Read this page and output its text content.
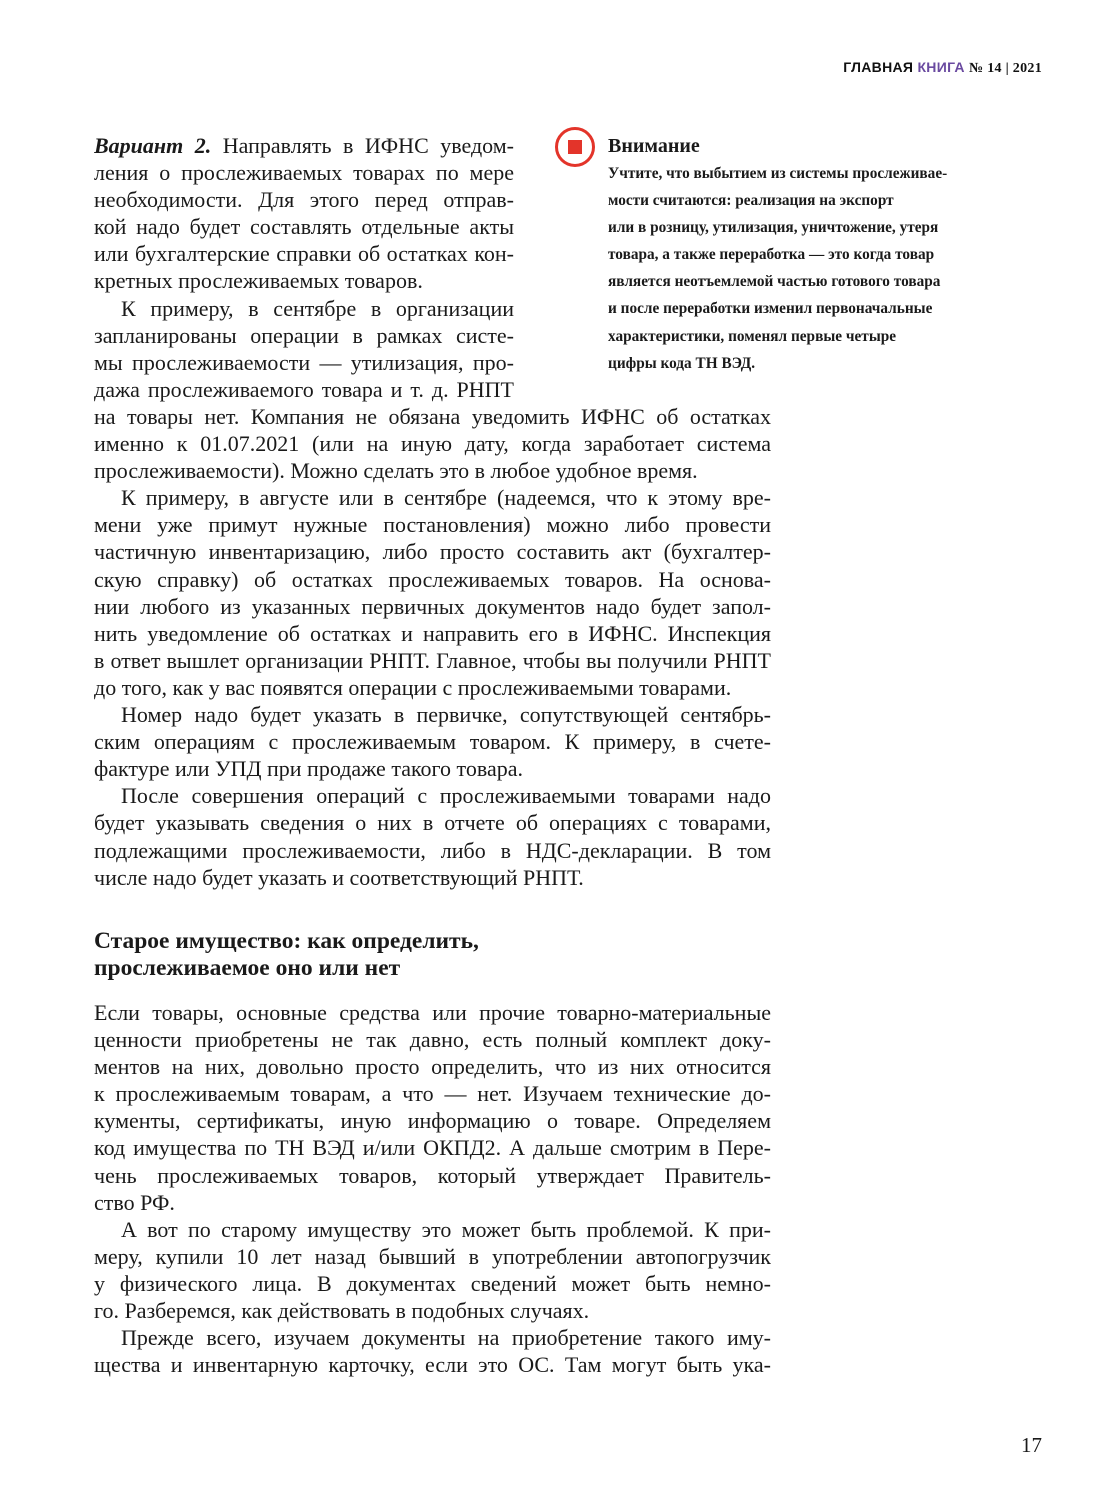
ГЛАВНАЯ КНИГА № 14 | 2021
Вариант 2. Направлять в ИФНС уведом-
ления о прослеживаемых товарах по мере
необходимости. Для этого перед отправ-
кой надо будет составлять отдельные акты
или бухгалтерские справки об остатках кон-
кретных прослеживаемых товаров.
К примеру, в сентябре в организации
запланированы операции в рамках систе-
мы прослеживаемости — утилизация, про-
дажа прослеживаемого товара и т. д. РНПТ
на товары нет. Компания не обязана уведомить ИФНС об остатках
именно к 01.07.2021 (или на иную дату, когда заработает система
прослеживаемости). Можно сделать это в любое удобное время.
К примеру, в августе или в сентябре (надеемся, что к этому вре-
мени уже примут нужные постановления) можно либо провести
частичную инвентаризацию, либо просто составить акт (бухгалтер-
скую справку) об остатках прослеживаемых товаров. На основа-
нии любого из указанных первичных документов надо будет запол-
нить уведомление об остатках и направить его в ИФНС. Инспекция
в ответ вышлет организации РНПТ. Главное, чтобы вы получили РНПТ
до того, как у вас появятся операции с прослеживаемыми товарами.
Номер надо будет указать в первичке, сопутствующей сентябрь-
ским операциям с прослеживаемым товаром. К примеру, в счете-
фактуре или УПД при продаже такого товара.
После совершения операций с прослеживаемыми товарами надо
будет указывать сведения о них в отчете об операциях с товарами,
подлежащими прослеживаемости, либо в НДС-декларации. В том
числе надо будет указать и соответствующий РНПТ.
Внимание
Учтите, что выбытием из системы прослеживае-
мости считаются: реализация на экспорт
или в розницу, утилизация, уничтожение, утеря
товара, а также переработка — это когда товар
является неотъемлемой частью готового товара
и после переработки изменил первоначальные
характеристики, поменял первые четыре
цифры кода ТН ВЭД.
Старое имущество: как определить,
прослеживаемое оно или нет
Если товары, основные средства или прочие товарно-материальные
ценности приобретены не так давно, есть полный комплект доку-
ментов на них, довольно просто определить, что из них относится
к прослеживаемым товарам, а что — нет. Изучаем технические до-
кументы, сертификаты, иную информацию о товаре. Определяем
код имущества по ТН ВЭД и/или ОКПД2. А дальше смотрим в Пере-
чень прослеживаемых товаров, который утверждает Правитель-
ство РФ.
А вот по старому имуществу это может быть проблемой. К при-
меру, купили 10 лет назад бывший в употреблении автопогрузчик
у физического лица. В документах сведений может быть немно-
го. Разберемся, как действовать в подобных случаях.
Прежде всего, изучаем документы на приобретение такого иму-
щества и инвентарную карточку, если это ОС. Там могут быть ука-
17
